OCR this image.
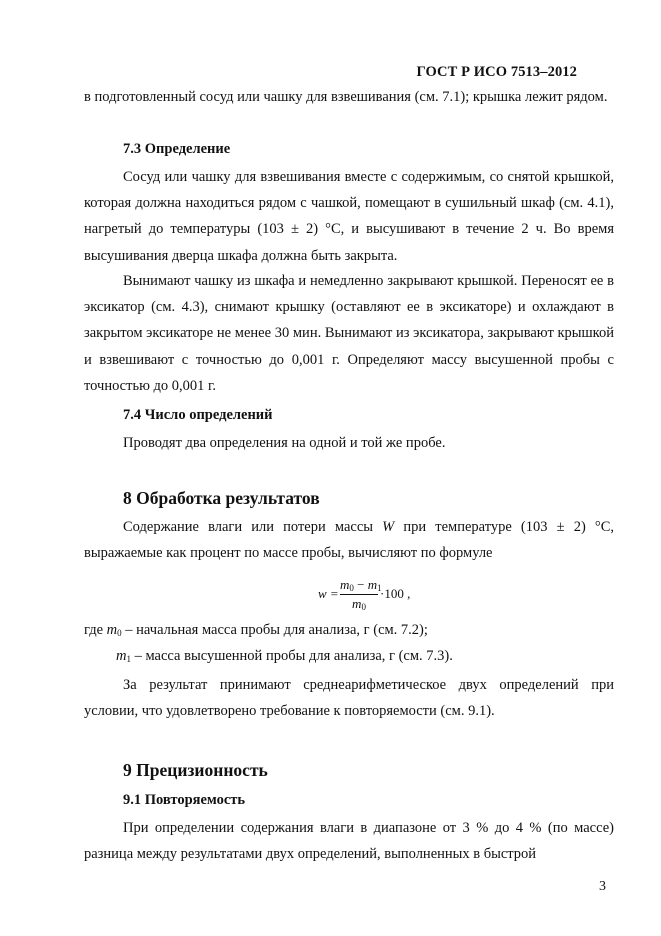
ГОСТ Р ИСО 7513–2012
в подготовленный сосуд или чашку для взвешивания (см. 7.1); крышка лежит рядом.
7.3 Определение
Сосуд или чашку для взвешивания вместе с содержимым, со снятой крышкой, которая должна находиться рядом с чашкой, помещают в сушильный шкаф (см. 4.1), нагретый до температуры (103 ± 2) °С, и высушивают в течение 2 ч. Во время высушивания дверца шкафа должна быть закрыта.
Вынимают чашку из шкафа и немедленно закрывают крышкой. Переносят ее в эксикатор (см. 4.3), снимают крышку (оставляют ее в эксикаторе) и охлаждают в закрытом эксикаторе не менее 30 мин. Вынимают из эксикатора, закрывают крышкой и взвешивают с точностью до 0,001 г. Определяют массу высушенной пробы с точностью до 0,001 г.
7.4 Число определений
Проводят два определения на одной и той же пробе.
8 Обработка результатов
Содержание влаги или потери массы W при температуре (103 ± 2) °С, выражаемые как процент по массе пробы, вычисляют по формуле
$w = \frac{m_0 - m_1}{m_0} \cdot 100$ ,
где $m_0$ – начальная масса пробы для анализа, г (см. 7.2);
$m_1$ – масса высушенной пробы для анализа, г (см. 7.3).
За результат принимают среднеарифметическое двух определений при условии, что удовлетворено требование к повторяемости (см. 9.1).
9 Прецизионность
9.1 Повторяемость
При определении содержания влаги в диапазоне от 3 % до 4 % (по массе) разница между результатами двух определений, выполненных в быстрой
3
